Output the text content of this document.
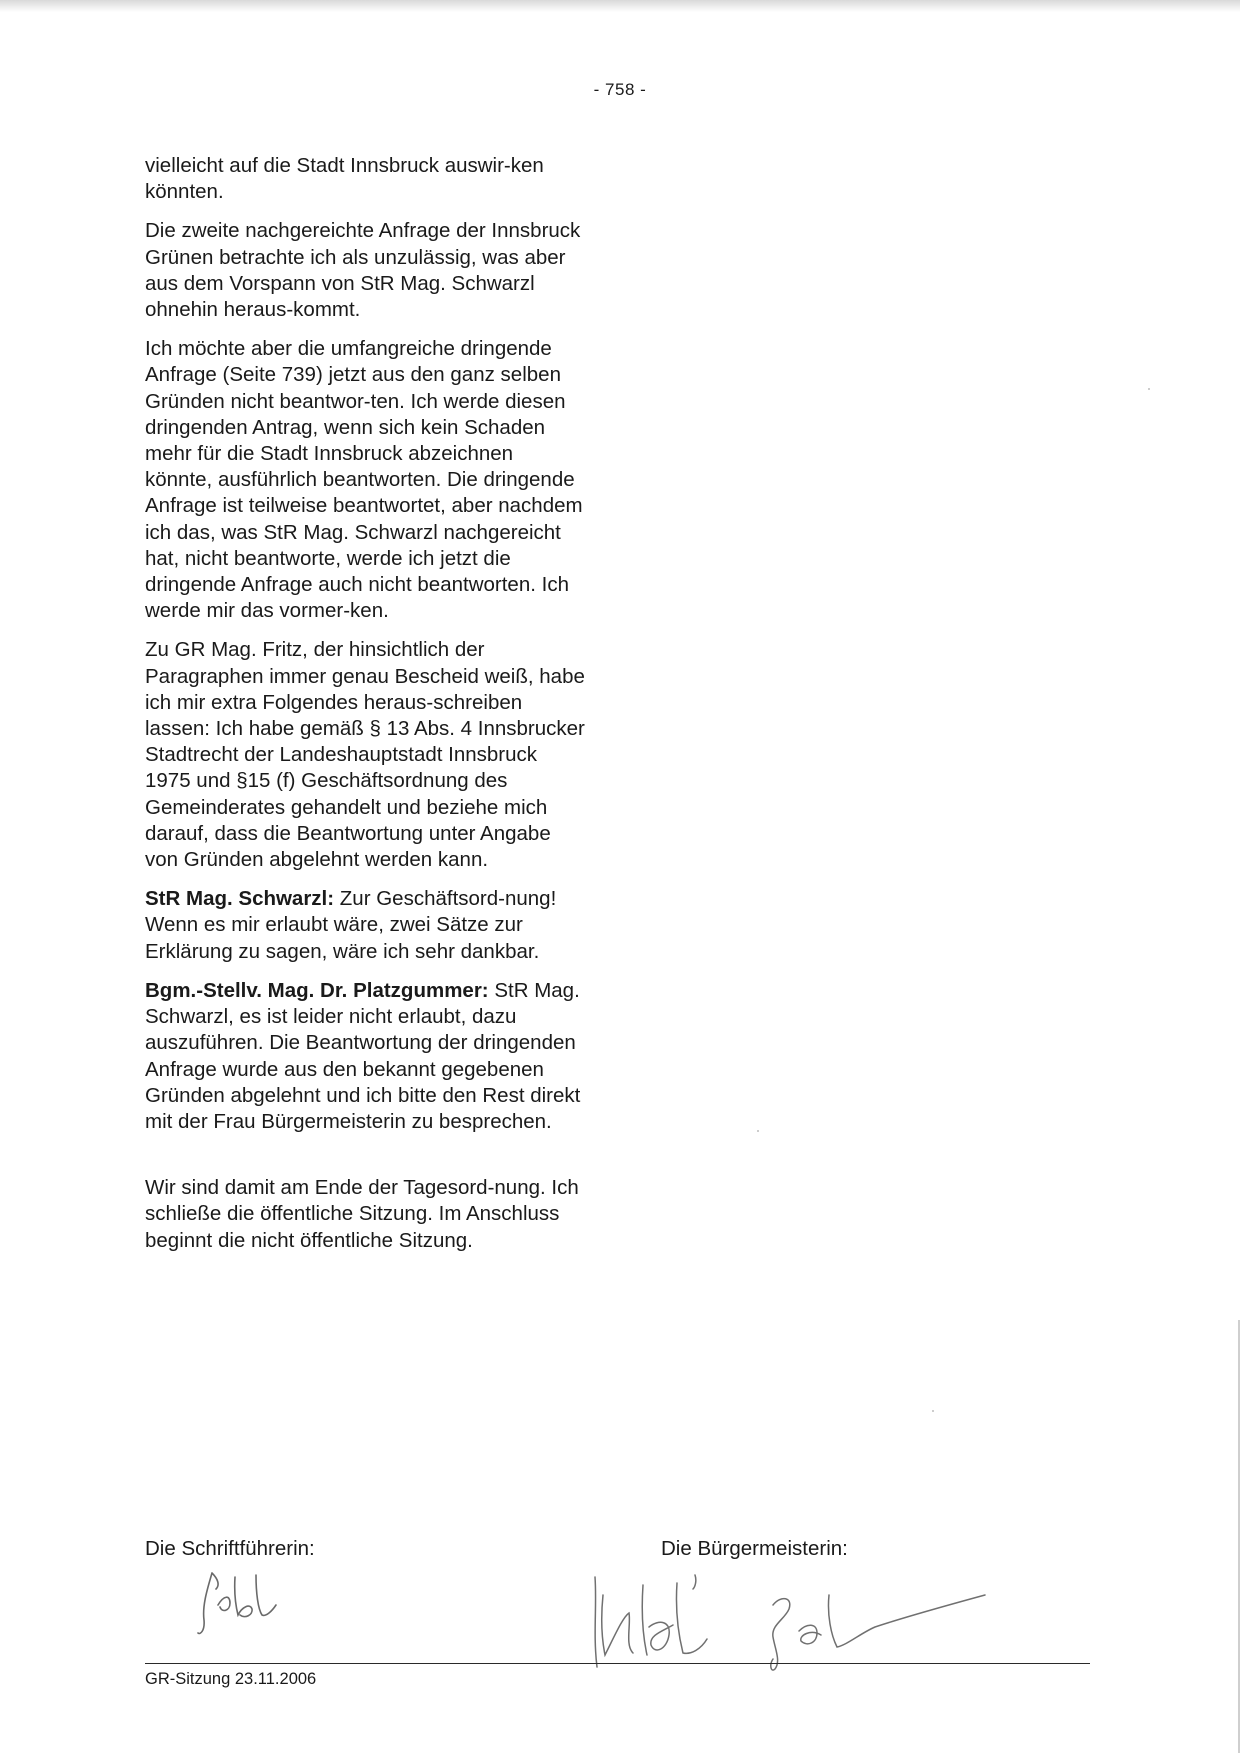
- 758 -

vielleicht auf die Stadt Innsbruck auswir-ken könnten.

Die zweite nachgereichte Anfrage der Innsbruck Grünen betrachte ich als unzulässig, was aber aus dem Vorspann von StR Mag. Schwarzl ohnehin heraus-kommt.

Ich möchte aber die umfangreiche dringende Anfrage (Seite 739) jetzt aus den ganz selben Gründen nicht beantwor-ten. Ich werde diesen dringenden Antrag, wenn sich kein Schaden mehr für die Stadt Innsbruck abzeichnen könnte, ausführlich beantworten. Die dringende Anfrage ist teilweise beantwortet, aber nachdem ich das, was StR Mag. Schwarzl nachgereicht hat, nicht beantworte, werde ich jetzt die dringende Anfrage auch nicht beantworten. Ich werde mir das vormer-ken.

Zu GR Mag. Fritz, der hinsichtlich der Paragraphen immer genau Bescheid weiß, habe ich mir extra Folgendes heraus-schreiben lassen: Ich habe gemäß § 13 Abs. 4 Innsbrucker Stadtrecht der Landeshauptstadt Innsbruck 1975 und §15 (f) Geschäftsordnung des Gemeinderates gehandelt und beziehe mich darauf, dass die Beantwortung unter Angabe von Gründen abgelehnt werden kann.

StR Mag. Schwarzl: Zur Geschäftsord-nung! Wenn es mir erlaubt wäre, zwei Sätze zur Erklärung zu sagen, wäre ich sehr dankbar.

Bgm.-Stellv. Mag. Dr. Platzgummer: StR Mag. Schwarzl, es ist leider nicht erlaubt, dazu auszuführen. Die Beantwortung der dringenden Anfrage wurde aus den bekannt gegebenen Gründen abgelehnt und ich bitte den Rest direkt mit der Frau Bürgermeisterin zu besprechen.

Wir sind damit am Ende der Tagesord-nung. Ich schließe die öffentliche Sitzung. Im Anschluss beginnt die nicht öffentliche Sitzung.

Die Schriftführerin:	Die Bürgermeisterin:
GR-Sitzung 23.11.2006
